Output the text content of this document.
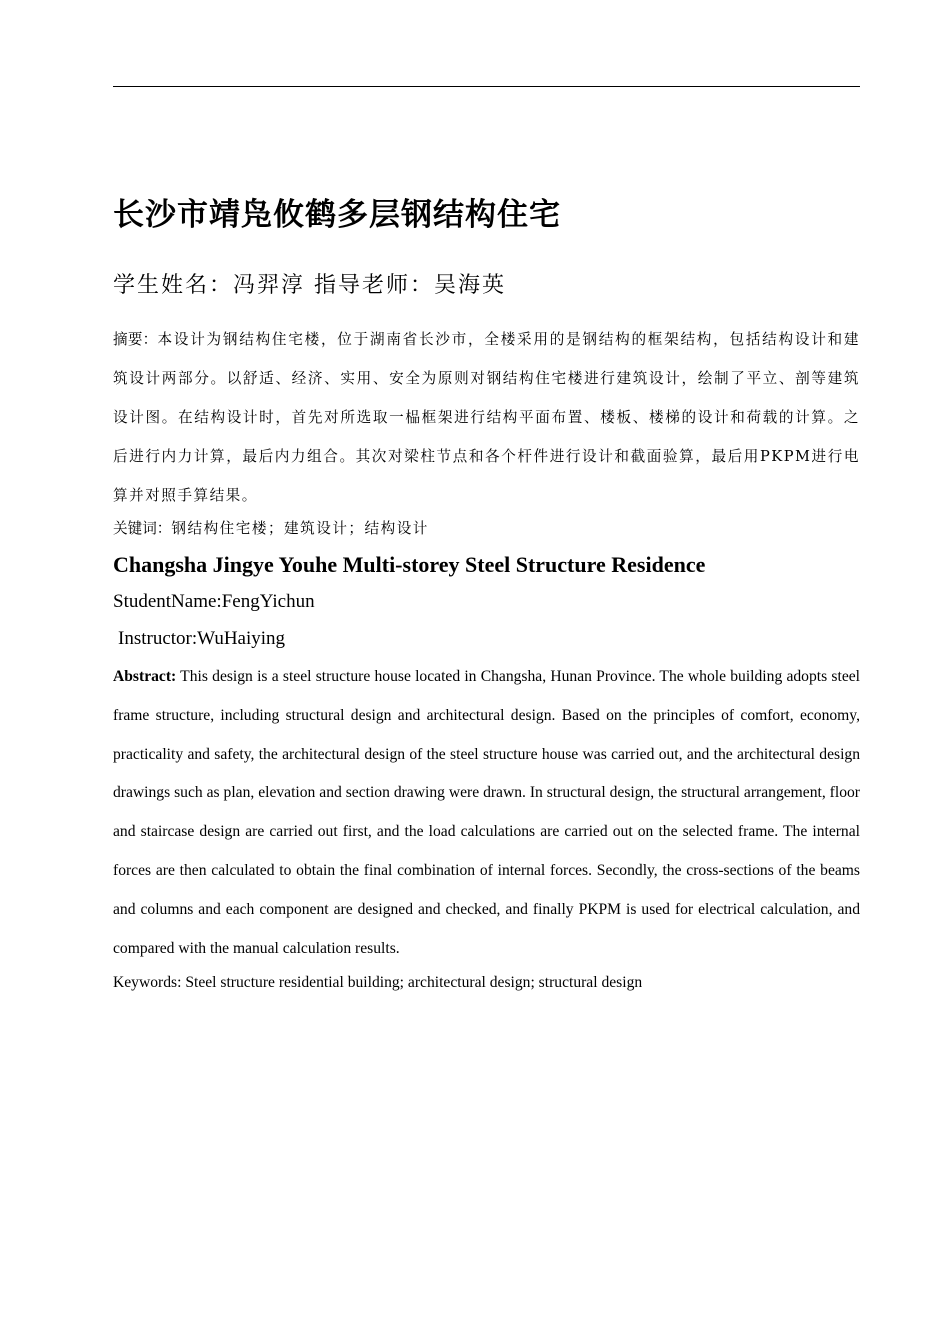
长沙市靖凫攸鹤多层钢结构住宅

学生姓名：冯羿淳 指导老师：吴海英

摘要：本设计为钢结构住宅楼，位于湖南省长沙市，全楼采用的是钢结构的框架结构，包括结构设计和建筑设计两部分。以舒适、经济、实用、安全为原则对钢结构住宅楼进行建筑设计，绘制了平立、剖等建筑设计图。在结构设计时，首先对所选取一榀框架进行结构平面布置、楼板、楼梯的设计和荷载的计算。之后进行内力计算，最后内力组合。其次对梁柱节点和各个杆件进行设计和截面验算，最后用PKPM进行电算并对照手算结果。

关键词：钢结构住宅楼；建筑设计；结构设计

Changsha Jingye Youhe Multi-storey Steel Structure Residence

StudentName:FengYichun

Instructor:WuHaiying

Abstract: This design is a steel structure house located in Changsha, Hunan Province. The whole building adopts steel frame structure, including structural design and architectural design. Based on the principles of comfort, economy, practicality and safety, the architectural design of the steel structure house was carried out, and the architectural design drawings such as plan, elevation and section drawing were drawn. In structural design, the structural arrangement, floor and staircase design are carried out first, and the load calculations are carried out on the selected frame. The internal forces are then calculated to obtain the final combination of internal forces. Secondly, the cross-sections of the beams and columns and each component are designed and checked, and finally PKPM is used for electrical calculation, and compared with the manual calculation results.

Keywords: Steel structure residential building; architectural design; structural design
